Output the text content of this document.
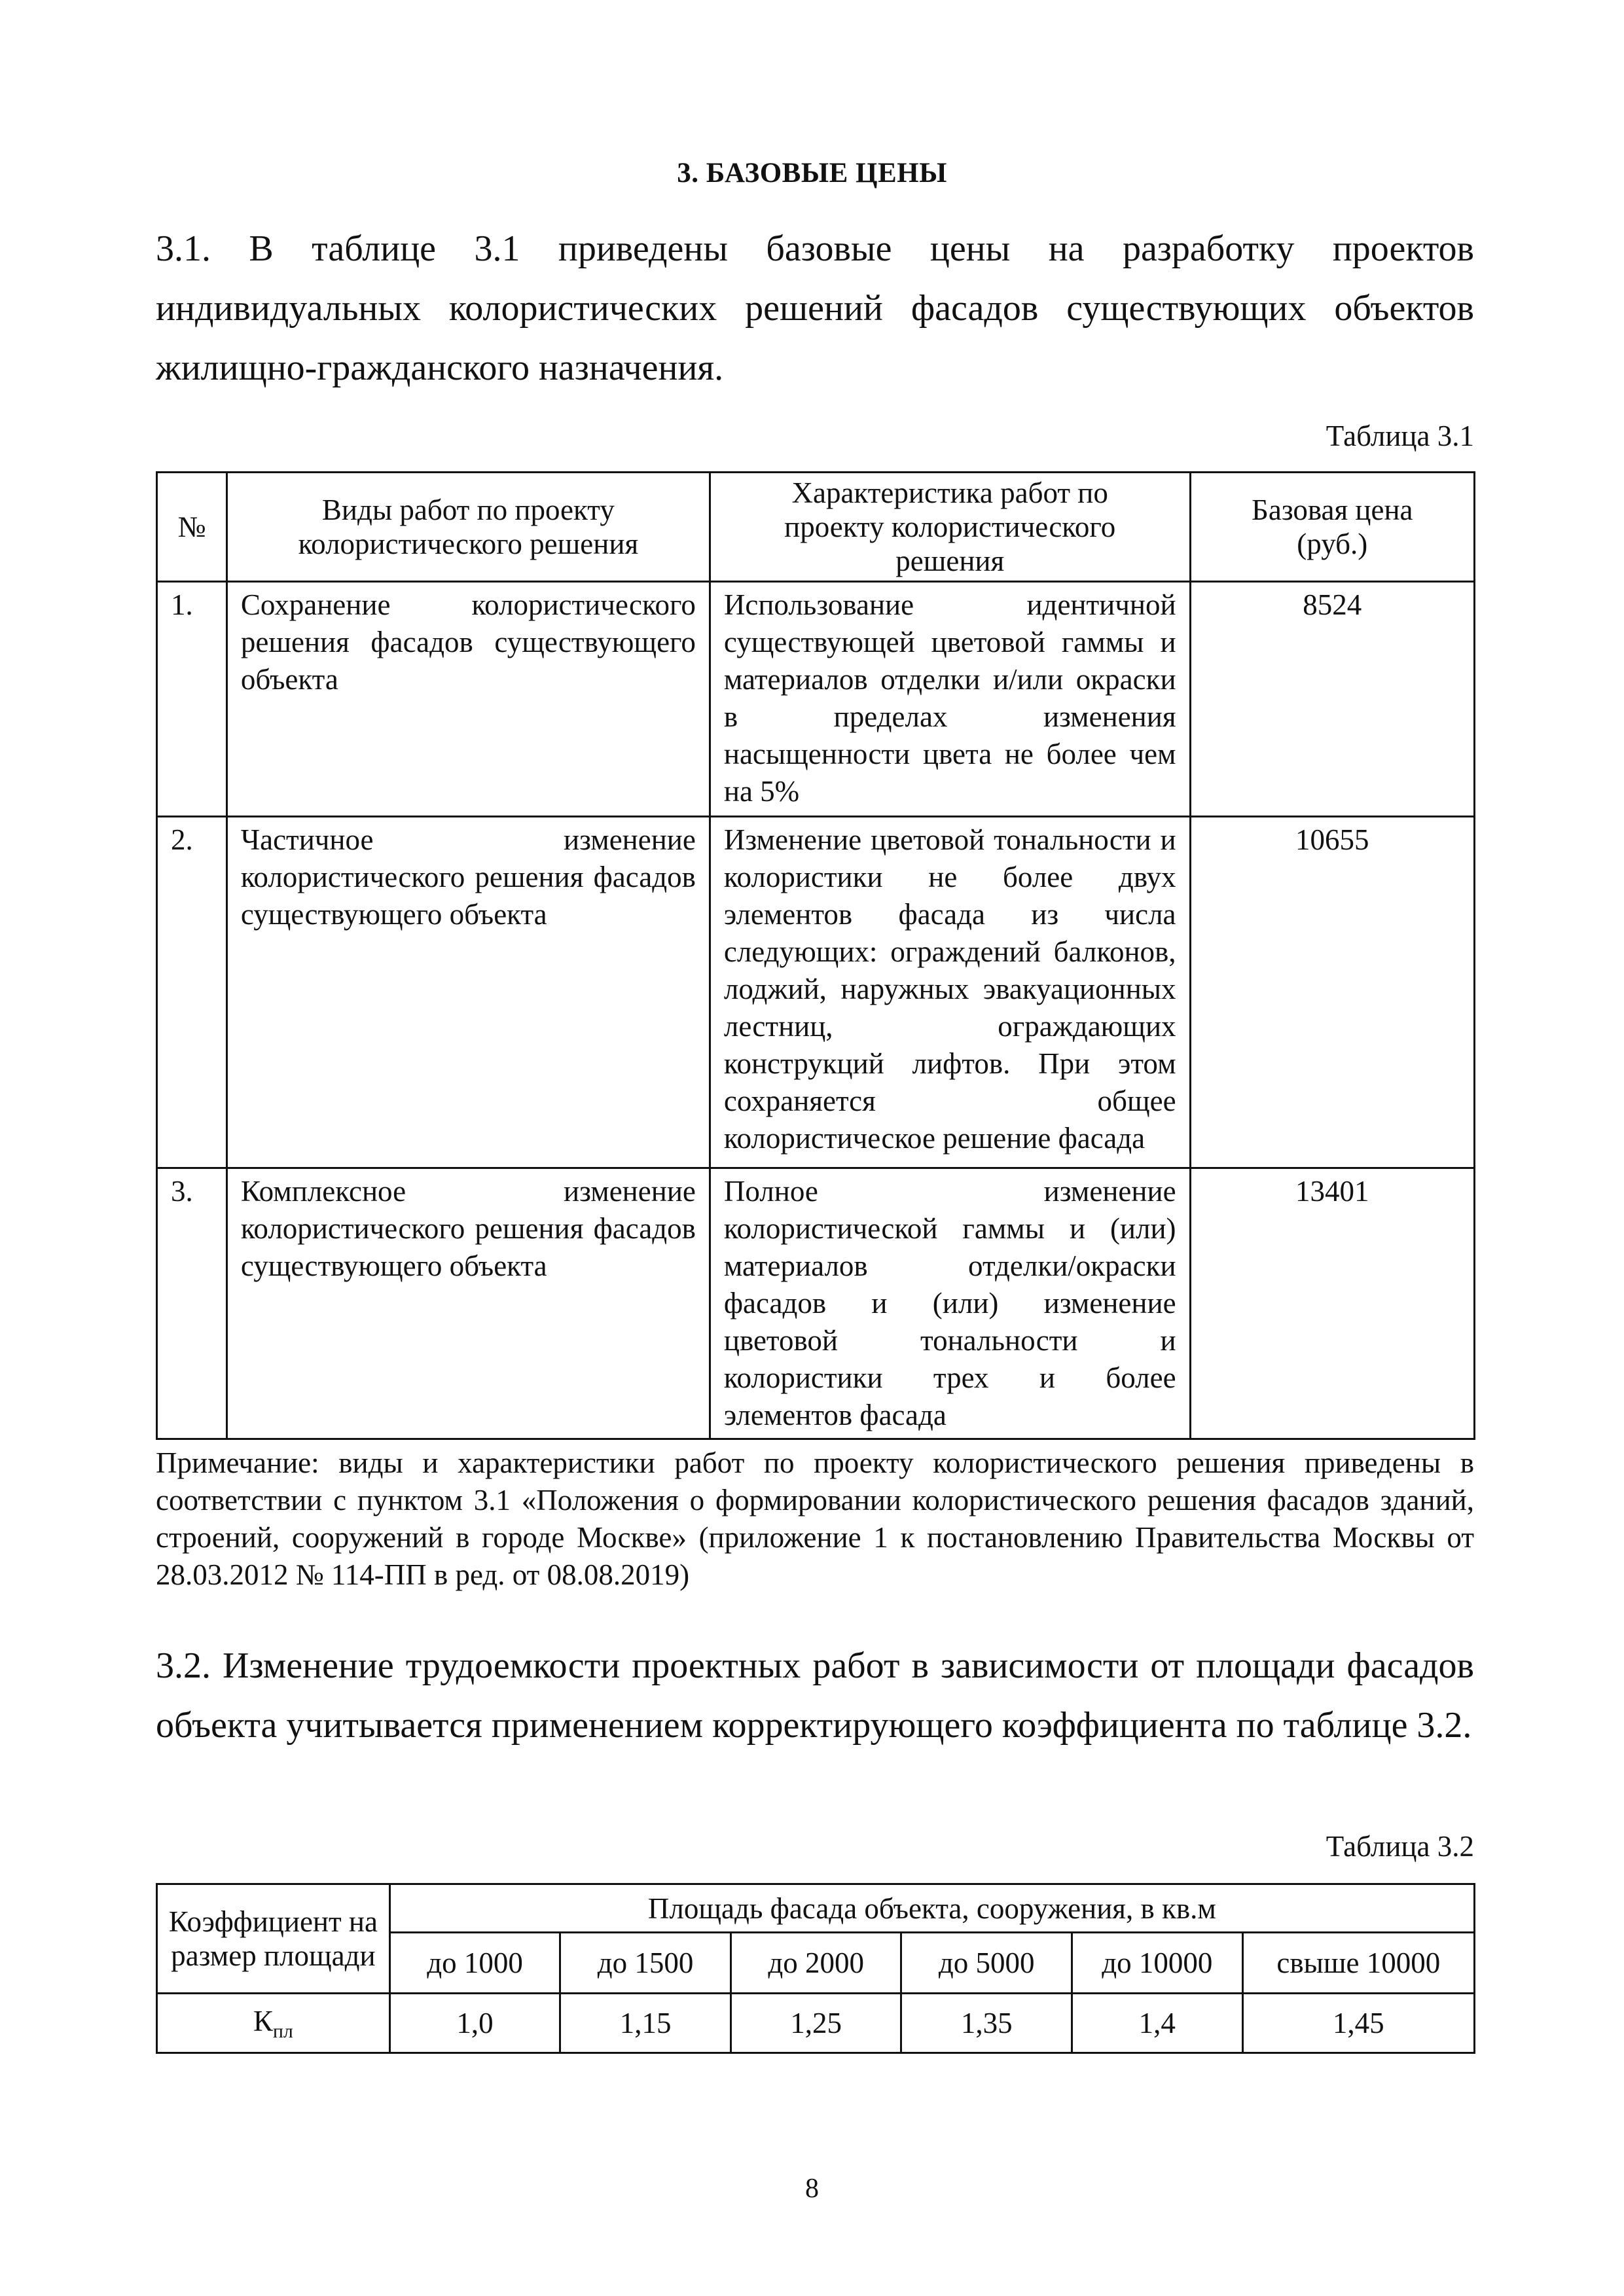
3. БАЗОВЫЕ ЦЕНЫ
3.1. В таблице 3.1 приведены базовые цены на разработку проектов индивидуальных колористических решений фасадов существующих объектов жилищно-гражданского назначения.
Таблица 3.1
№	Виды работ по проекту колористического решения	Характеристика работ по проекту колористического решения	Базовая цена (руб.)

1.	Сохранение колористического решения фасадов существующего объекта	Использование идентичной существующей цветовой гаммы и материалов отделки и/или окраски в пределах изменения насыщенности цвета не более чем на 5%	8524
2.	Частичное изменение колористического решения фасадов существующего объекта	Изменение цветовой тональности и колористики не более двух элементов фасада из числа следующих: ограждений балконов, лоджий, наружных эвакуационных лестниц, ограждающих конструкций лифтов. При этом сохраняется общее колористическое решение фасада	10655
3.	Комплексное изменение колористического решения фасадов существующего объекта	Полное изменение колористической гаммы и (или) материалов отделки/окраски фасадов и (или) изменение цветовой тональности и колористики трех и более элементов фасада	13401
Примечание: виды и характеристики работ по проекту колористического решения приведены в соответствии с пунктом 3.1 «Положения о формировании колористического решения фасадов зданий, строений, сооружений в городе Москве» (приложение 1 к постановлению Правительства Москвы от 28.03.2012 № 114-ПП в ред. от 08.08.2019)
3.2. Изменение трудоемкости проектных работ в зависимости от площади фасадов объекта учитывается применением корректирующего коэффициента по таблице 3.2.
Таблица 3.2
Коэффициент на размер площади	Площадь фасада объекта, сооружения, в кв.м					
	до 1000	до 1500	до 2000	до 5000	до 10000	свыше 10000
$К_{пл}$	1,0	1,15	1,25	1,35	1,4	1,45
8
